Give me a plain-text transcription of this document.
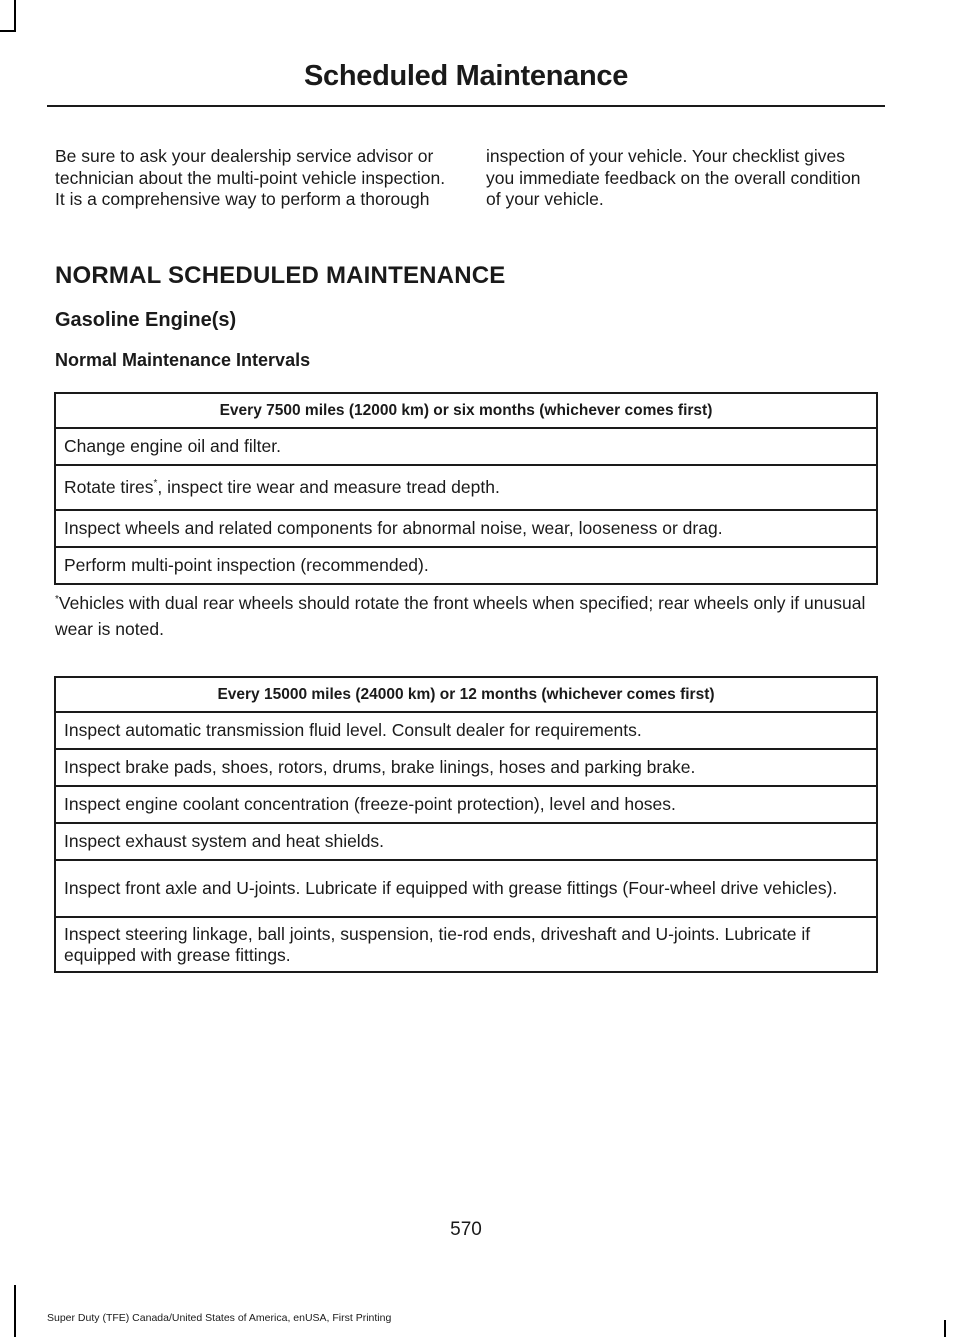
Scheduled Maintenance
Be sure to ask your dealership service advisor or technician about the multi-point vehicle inspection. It is a comprehensive way to perform a thorough inspection of your vehicle. Your checklist gives you immediate feedback on the overall condition of your vehicle.
NORMAL SCHEDULED MAINTENANCE
Gasoline Engine(s)
Normal Maintenance Intervals
Every 7500 miles (12000 km) or six months (whichever comes first)
Change engine oil and filter.
Rotate tires*, inspect tire wear and measure tread depth.
Inspect wheels and related components for abnormal noise, wear, looseness or drag.
Perform multi-point inspection (recommended).
*Vehicles with dual rear wheels should rotate the front wheels when specified; rear wheels only if unusual wear is noted.
Every 15000 miles (24000 km) or 12 months (whichever comes first)
Inspect automatic transmission fluid level. Consult dealer for requirements.
Inspect brake pads, shoes, rotors, drums, brake linings, hoses and parking brake.
Inspect engine coolant concentration (freeze-point protection), level and hoses.
Inspect exhaust system and heat shields.
Inspect front axle and U-joints. Lubricate if equipped with grease fittings (Four-wheel drive vehicles).
Inspect steering linkage, ball joints, suspension, tie-rod ends, driveshaft and U-joints. Lubricate if equipped with grease fittings.
570
Super Duty (TFE) Canada/United States of America, enUSA, First Printing
